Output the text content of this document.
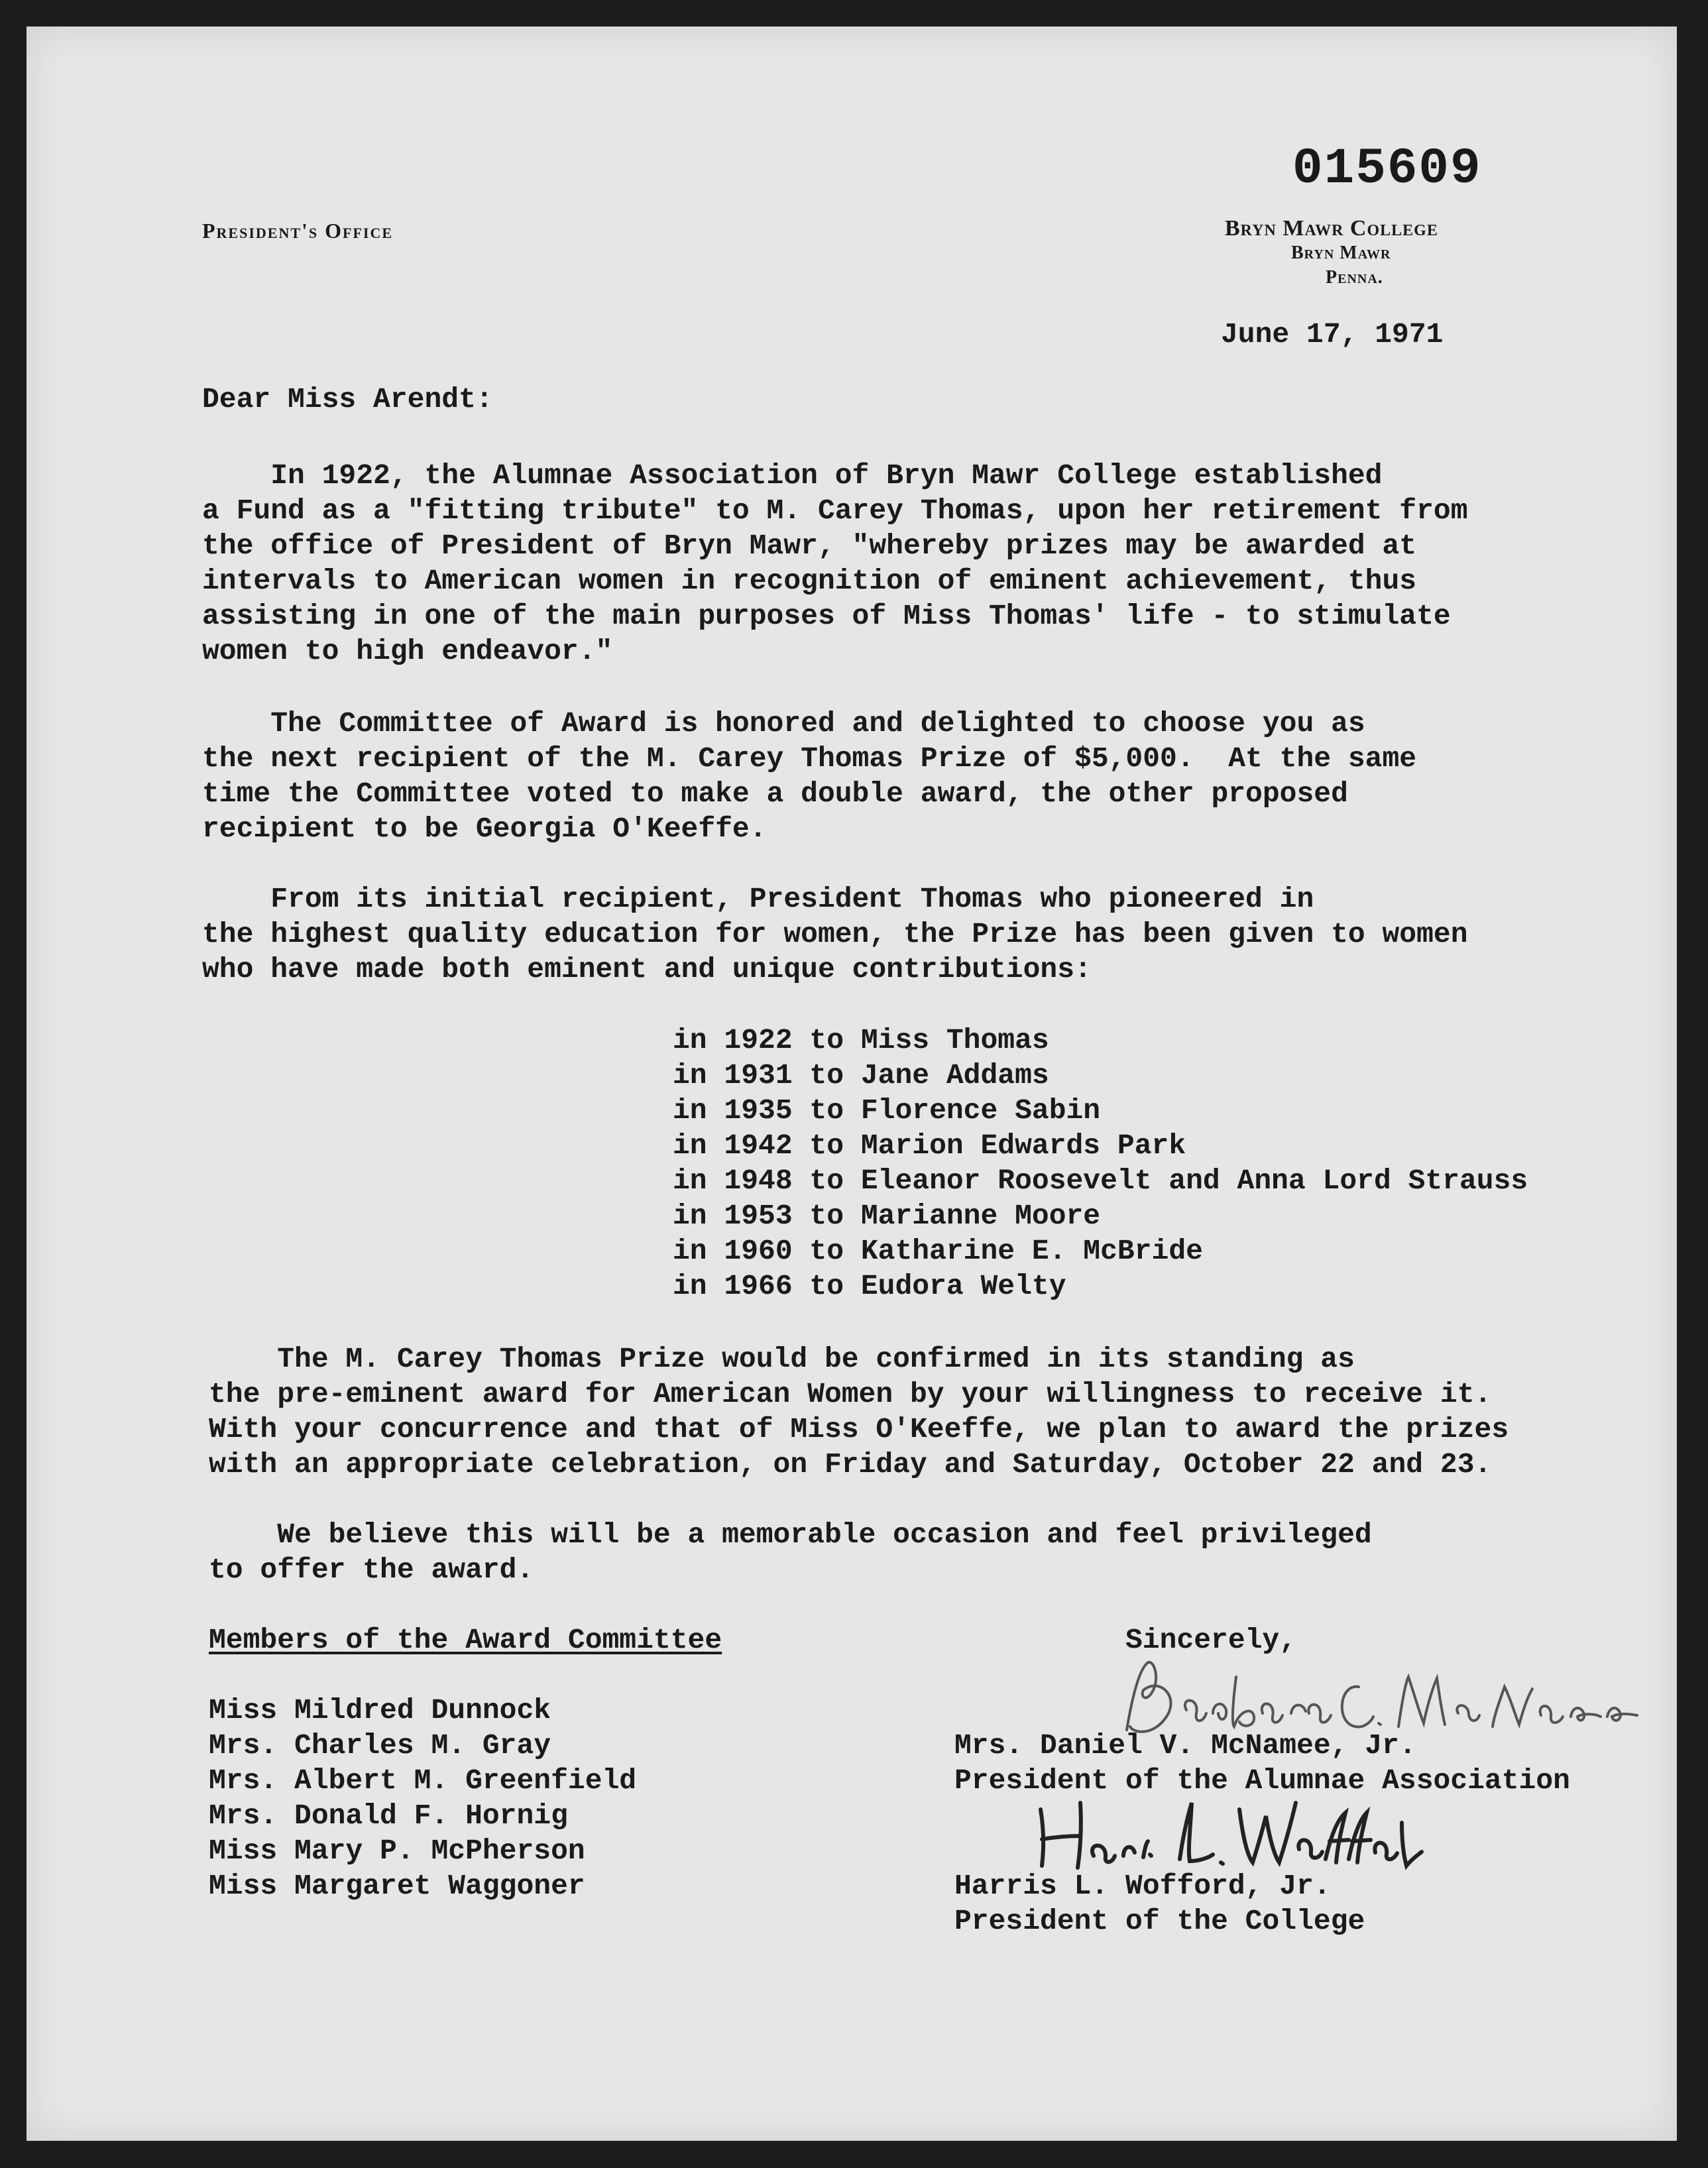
015609
President's Office	Bryn Mawr College
Bryn Mawr
Penna.
June 17, 1971
Dear Miss Arendt:
In 1922, the Alumnae Association of Bryn Mawr College established
a Fund as a "fitting tribute" to M. Carey Thomas, upon her retirement from
the office of President of Bryn Mawr, "whereby prizes may be awarded at
intervals to American women in recognition of eminent achievement, thus
assisting in one of the main purposes of Miss Thomas' life - to stimulate
women to high endeavor."
The Committee of Award is honored and delighted to choose you as
the next recipient of the M. Carey Thomas Prize of $5,000.  At the same
time the Committee voted to make a double award, the other proposed
recipient to be Georgia O'Keeffe.
From its initial recipient, President Thomas who pioneered in
the highest quality education for women, the Prize has been given to women
who have made both eminent and unique contributions:
in 1922 to Miss Thomas
in 1931 to Jane Addams
in 1935 to Florence Sabin
in 1942 to Marion Edwards Park
in 1948 to Eleanor Roosevelt and Anna Lord Strauss
in 1953 to Marianne Moore
in 1960 to Katharine E. McBride
in 1966 to Eudora Welty
The M. Carey Thomas Prize would be confirmed in its standing as
the pre-eminent award for American Women by your willingness to receive it.
With your concurrence and that of Miss O'Keeffe, we plan to award the prizes
with an appropriate celebration, on Friday and Saturday, October 22 and 23.
We believe this will be a memorable occasion and feel privileged
to offer the award.
Members of the Award Committee
Miss Mildred Dunnock
Mrs. Charles M. Gray
Mrs. Albert M. Greenfield
Mrs. Donald F. Hornig
Miss Mary P. McPherson
Miss Margaret Waggoner
Sincerely,
Mrs. Daniel V. McNamee, Jr.
President of the Alumnae Association
Harris L. Wofford, Jr.
President of the College
